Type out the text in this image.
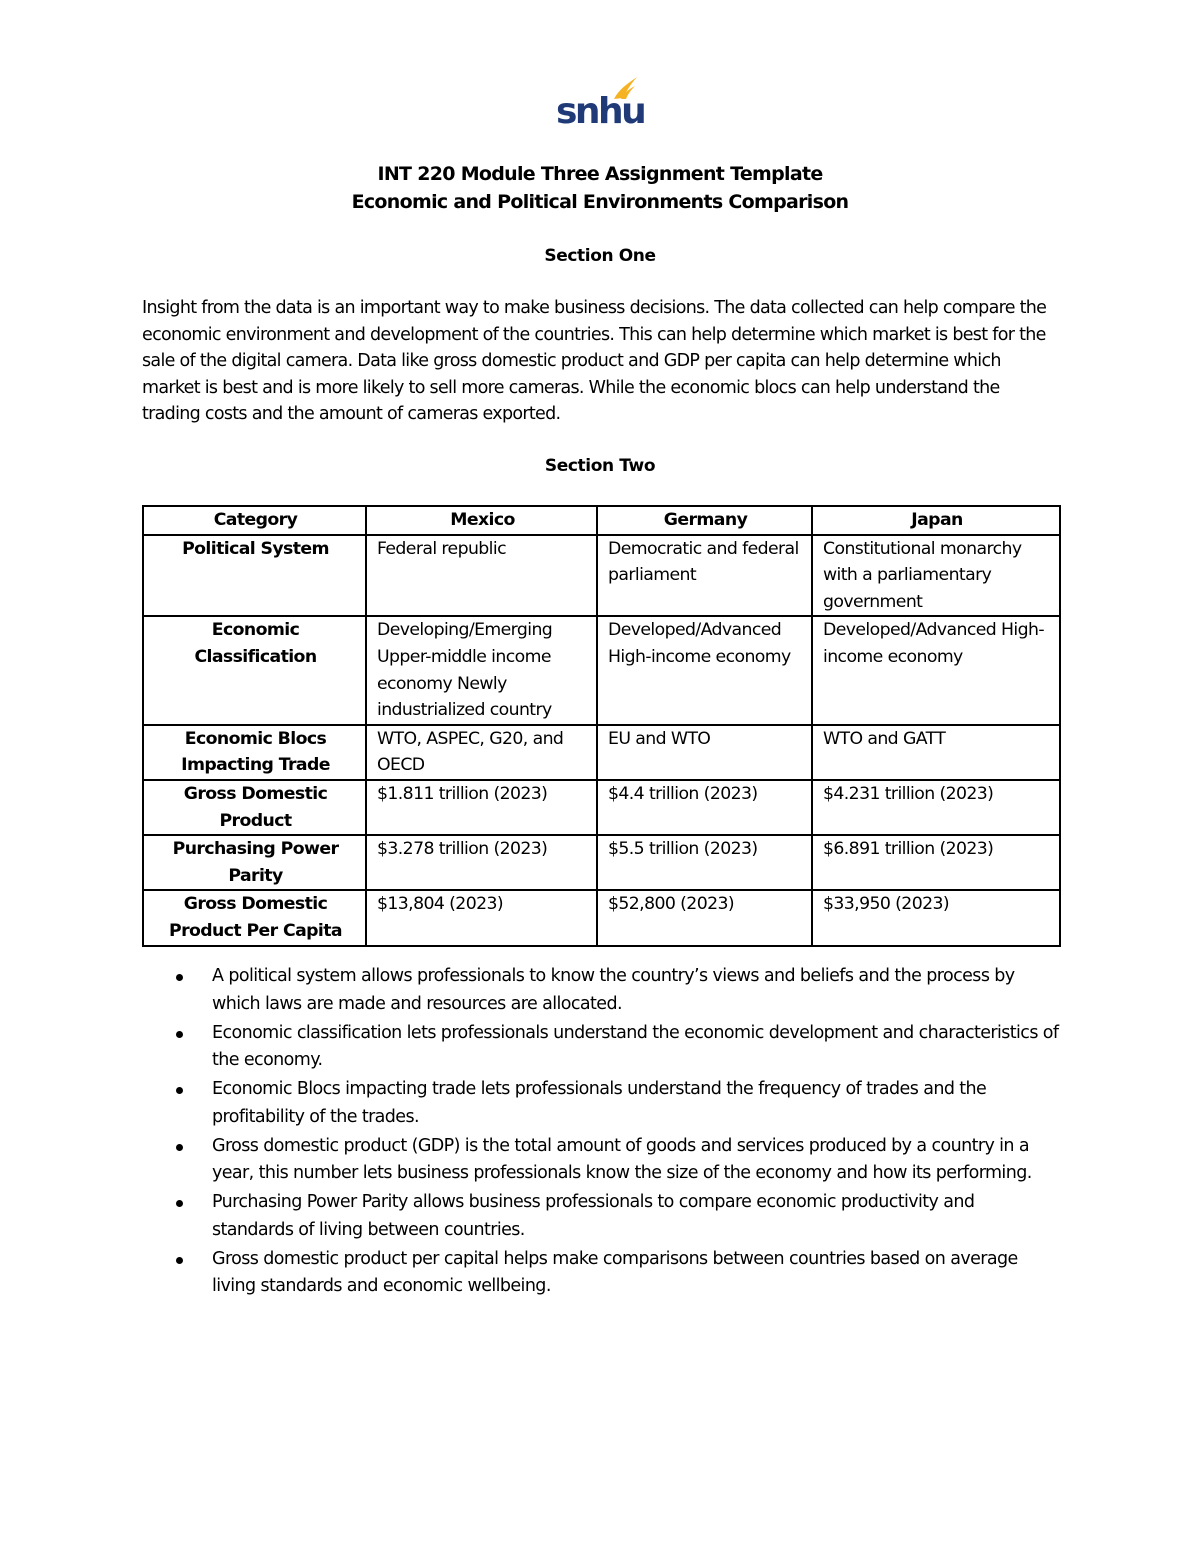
snhu
INT 220 Module Three Assignment Template
Economic and Political Environments Comparison
Section One

Insight from the data is an important way to make business decisions. The data collected can help compare the economic environment and development of the countries. This can help determine which market is best for the sale of the digital camera. Data like gross domestic product and GDP per capita can help determine which market is best and is more likely to sell more cameras. While the economic blocs can help understand the trading costs and the amount of cameras exported.

Section Two
Category	Mexico	Germany	Japan
Political System	Federal republic	Democratic and federal parliament	Constitutional monarchy with a parliamentary government
Economic Classification	Developing/Emerging Upper-middle income economy Newly industrialized country	Developed/Advanced High-income economy	Developed/Advanced High-income economy
Economic Blocs Impacting Trade	WTO, ASPEC, G20, and OECD	EU and WTO	WTO and GATT
Gross Domestic Product	$1.811 trillion (2023)	$4.4 trillion (2023)	$4.231 trillion (2023)
Purchasing Power Parity	$3.278 trillion (2023)	$5.5 trillion (2023)	$6.891 trillion (2023)
Gross Domestic Product Per Capita	$13,804 (2023)	$52,800 (2023)	$33,950 (2023)
A political system allows professionals to know the country’s views and beliefs and the process by which laws are made and resources are allocated.
Economic classification lets professionals understand the economic development and characteristics of the economy.
Economic Blocs impacting trade lets professionals understand the frequency of trades and the profitability of the trades.
Gross domestic product (GDP) is the total amount of goods and services produced by a country in a year, this number lets business professionals know the size of the economy and how its performing.
Purchasing Power Parity allows business professionals to compare economic productivity and standards of living between countries.
Gross domestic product per capital helps make comparisons between countries based on average living standards and economic wellbeing.
